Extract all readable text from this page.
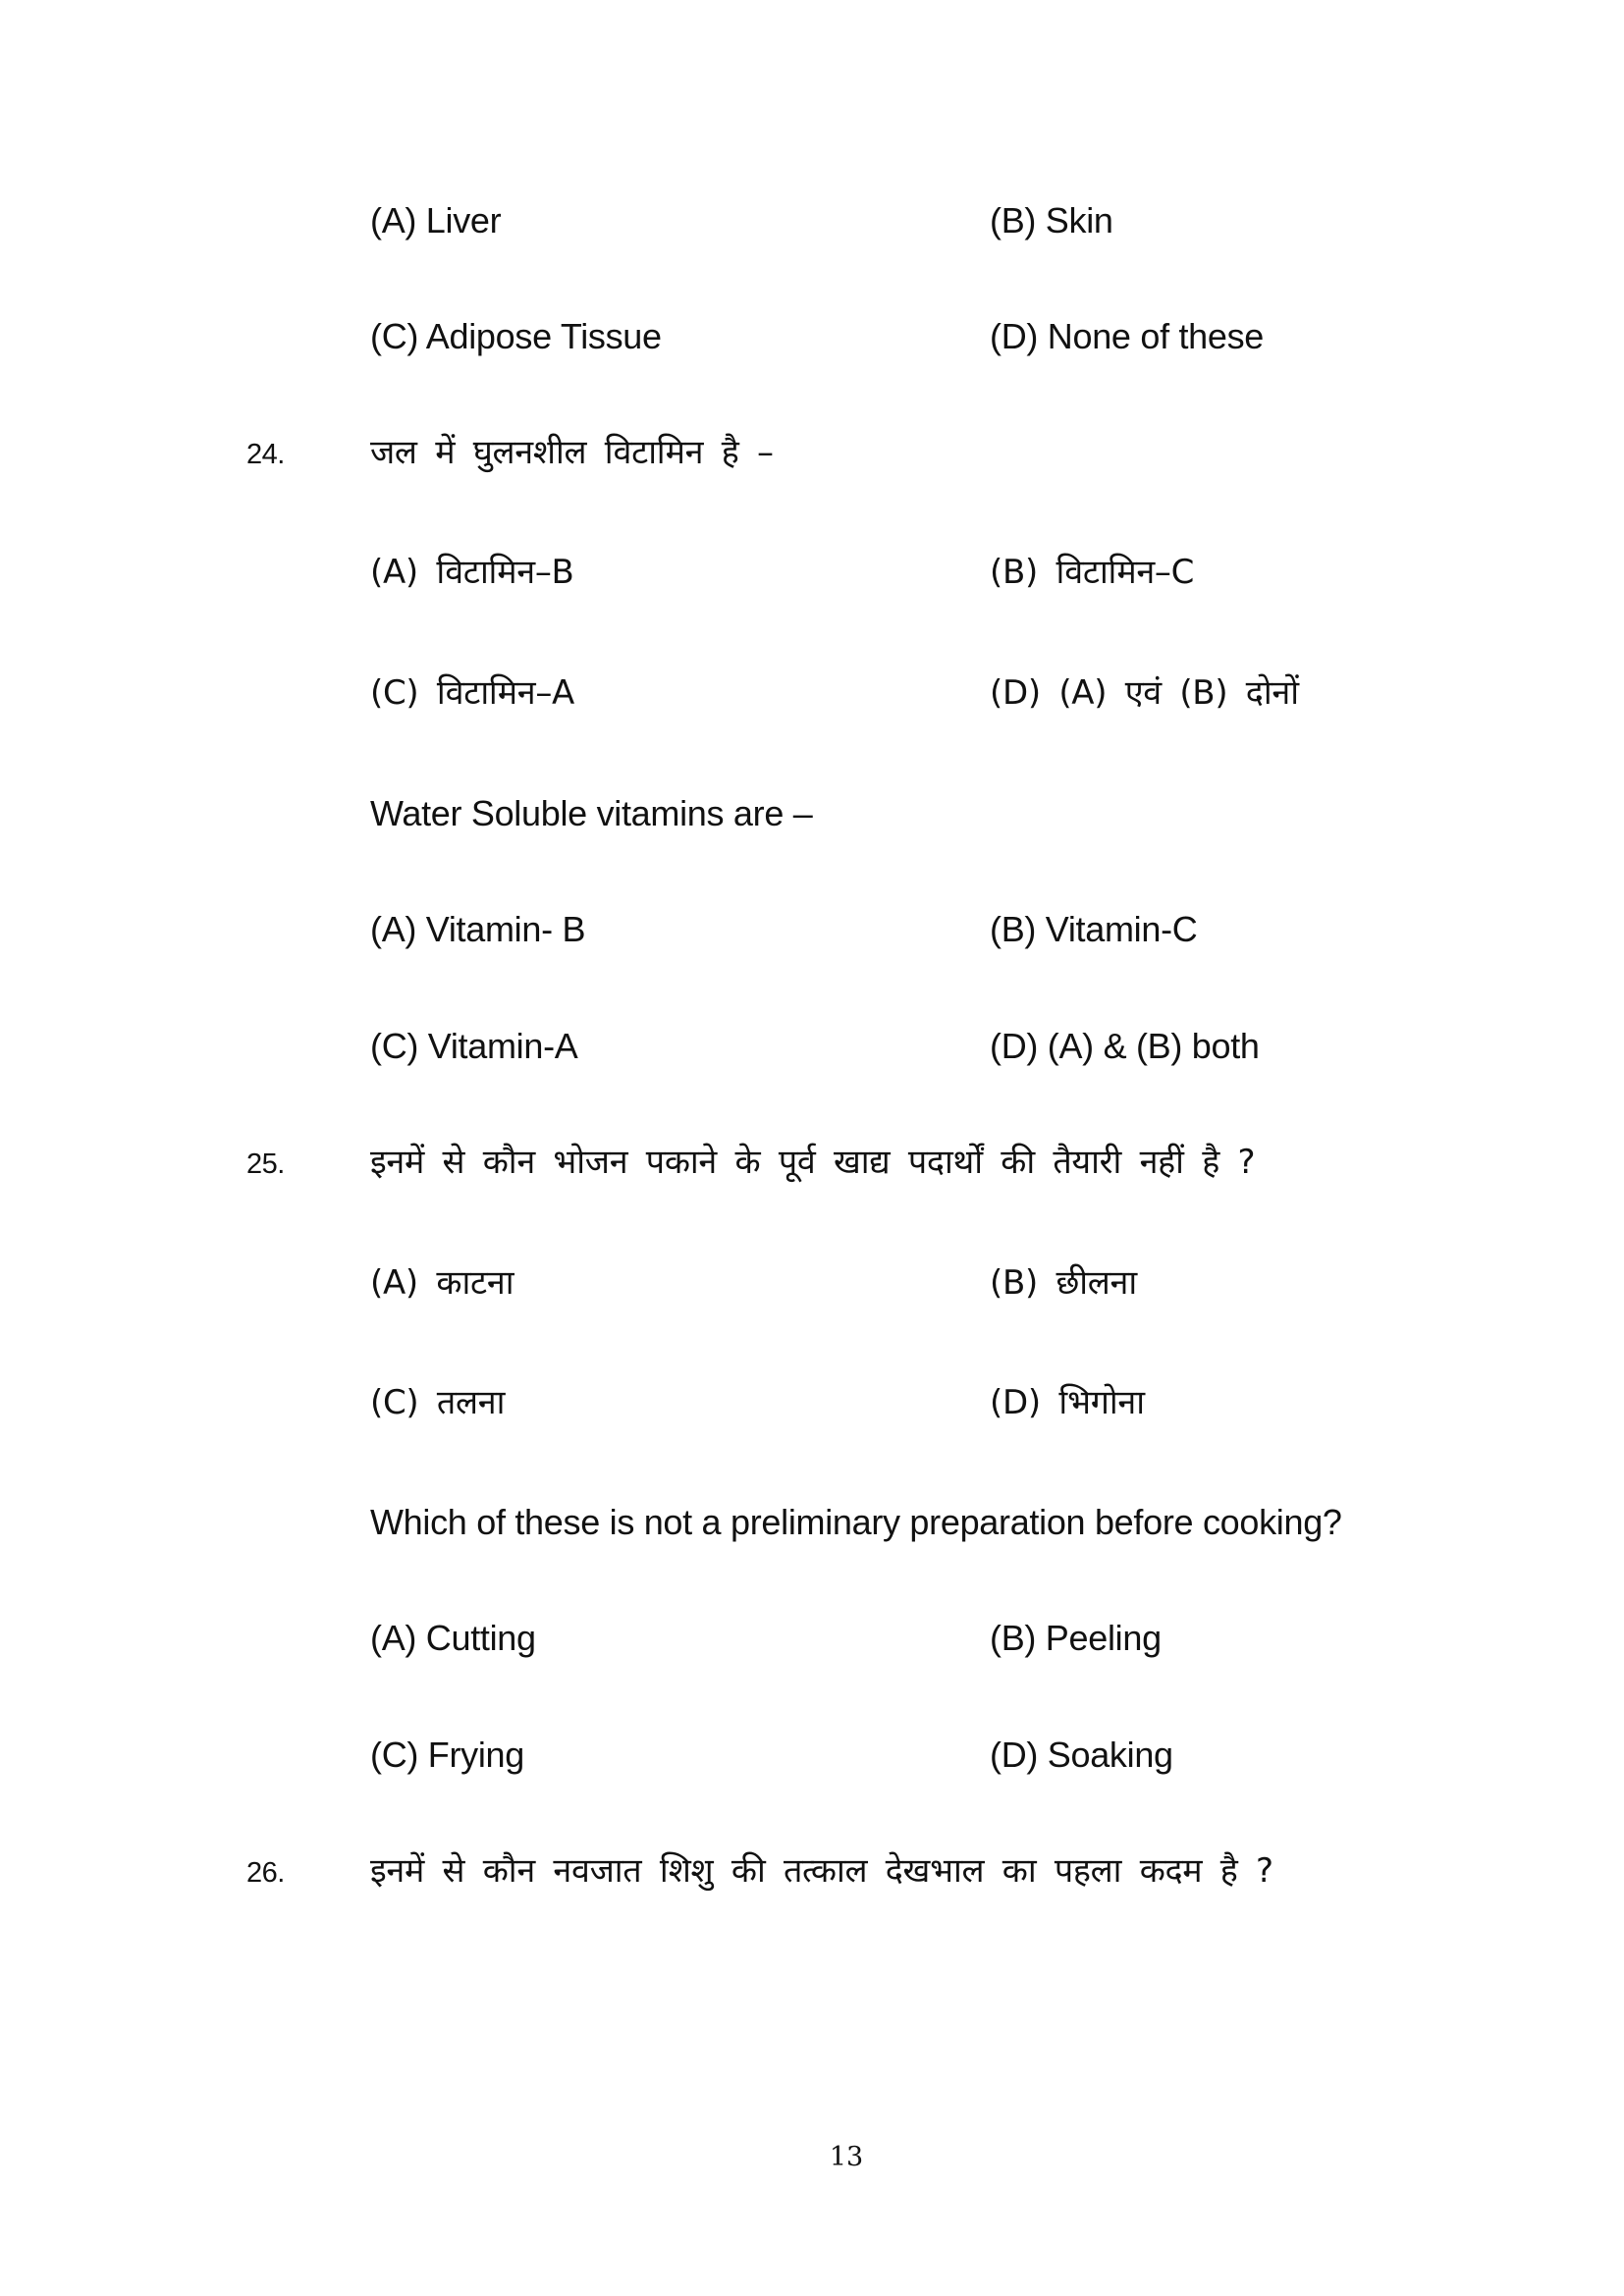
(A) Liver	(B) Skin
(C) Adipose Tissue	(D) None of these
24.	जल में घुलनशील विटामिन है –
(A) विटामिन–B	(B) विटामिन–C
(C) विटामिन–A	(D) (A) एवं (B) दोनों
Water Soluble vitamins are –
(A) Vitamin- B	(B) Vitamin-C
(C) Vitamin-A	(D) (A) & (B) both
25.	इनमें से कौन भोजन पकाने के पूर्व खाद्य पदार्थों की तैयारी नहीं है ?
(A) काटना	(B) छीलना
(C) तलना	(D) भिगोना
Which of these is not a preliminary preparation before cooking?
(A) Cutting	(B) Peeling
(C) Frying	(D) Soaking
26.	इनमें से कौन नवजात शिशु की तत्काल देखभाल का पहला कदम है ?
13
